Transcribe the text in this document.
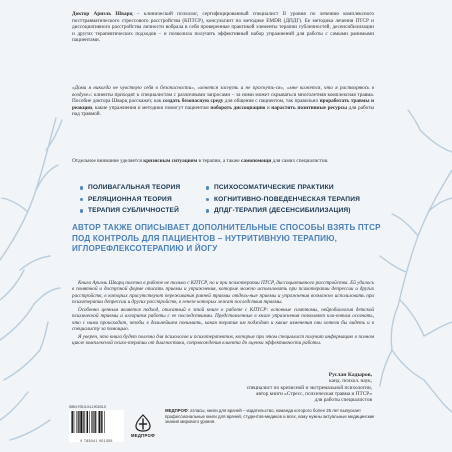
Доктор Ариэль Шварц – клинический психолог, сертифицированный специалист II уровня по лечению комплексного посттравматического стрессового расстройства (КПТСР), консультант по методике EMDR (ДПДГ). Ее методика лечения ПТСР и диссоциативного расстройства личности вобрала в себя проверенные практикой элементы терапии субличностей, десенсибилизации и других терапевтических подходов – и позволила получить эффективный набор упражнений для работы с самыми ранимыми пациентами.

«Дома я никогда не чувствую себя в безопасности», «хочется заснуть и не проснуть-ся», «мне кажется, что я растворяюсь в воздухе»: клиенты приходят к специалистам с различными запросами – за ними может скрываться многолетняя комплексная травма. Пособие доктора Шварц расскажет, как создать безопасную среду для общения с пациентом, так правильно проработать травмы и реакции, какие упражнения и методики помогут пациентам побороть диссоциацию и нарастить позитивные ресурсы для работы над травмой.

Отдельное внимание уделяется кризисным ситуациям в терапии, а также самопомощи для самих специалистов.

ПОЛИВАГАЛЬНАЯ ТЕОРИЯ	ПСИХОСОМАТИЧЕСКИЕ ПРАКТИКИ
РЕЛЯЦИОННАЯ ТЕОРИЯ	КОГНИТИВНО-ПОВЕДЕНЧЕСКАЯ ТЕРАПИЯ
ТЕРАПИЯ СУБЛИЧНОСТЕЙ	ДПДГ-ТЕРАПИЯ (ДЕСЕНСИБИЛИЗАЦИЯ)

АВТОР ТАКЖЕ ОПИСЫВАЕТ ДОПОЛНИТЕЛЬНЫЕ СПОСОБЫ ВЗЯТЬ ПТСР ПОД КОНТРОЛЬ ДЛЯ ПАЦИЕНТОВ – НУТРИТИВНУЮ ТЕРАПИЮ, ИГЛОРЕФЛЕКСОТЕРАПИЮ И ЙОГУ

Книга Ариэль Шварц полезна в работе не только с КПТСР, но и при психотерапии ПТСР, диссоциативного расстройства. Ей удалось в понятной и доступной форме описать приемы и упражнения, которые можно использовать при психотерапии депрессии и других расстройств, в которых присутствуют переживания ранней травмы отдель-ные приемы и упражнения возможно использовать при психотерапии депрессии и других расстройств, в генезе которых лежат последствия травмы.

Особенно ценным является подход, описанный в этой книге к работе с КПТСР: основные симптомы, нейробиология детской психической травмы и алгоритм работы с ее последствиями. Представленные в книге упражнения позволяют кли-ентам осознать, что с ними происходит, чтобы в дальнейшем понимать, какая терапия им подходит и какие изменения они хотели бы видеть и в специалисту за помощью.

Я уверен, что книга будет полезна для психологов и психотерапевтов, которые при этом специалист получит информацию о полном цикле комплексной психо-терапии от диагностики, сопровождения клиента до оценки эффективности работы.

Руслан Кадыров,
канд. психол. наук,
специалист по кризисной и экстремальной психологии,
автор книги «Стресс, психическая травма и ПТСР»
для работы специалистов

ISBN 978-5-04-190105-5

9 785041 901055
МЕДПРОФ

МЕДПРОФ: атласы, книги для врачей – издательство, команда которого более 25 лет выпускает профессиональные книги для врачей, студентов-медиков и всех, кому нужны актуальные медицинские знания мирового уровня.
